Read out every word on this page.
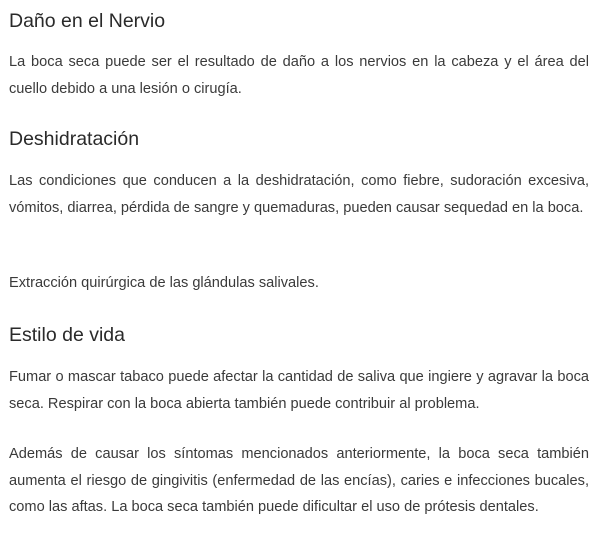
Daño en el Nervio

La boca seca puede ser el resultado de daño a los nervios en la cabeza y el área del cuello debido a una lesión o cirugía.

Deshidratación

Las condiciones que conducen a la deshidratación, como fiebre, sudoración excesiva, vómitos, diarrea, pérdida de sangre y quemaduras, pueden causar sequedad en la boca.

Extracción quirúrgica de las glándulas salivales.

Estilo de vida

Fumar o mascar tabaco puede afectar la cantidad de saliva que ingiere y agravar la boca seca. Respirar con la boca abierta también puede contribuir al problema.

Además de causar los síntomas mencionados anteriormente, la boca seca también aumenta el riesgo de gingivitis (enfermedad de las encías), caries e infecciones bucales, como las aftas. La boca seca también puede dificultar el uso de prótesis dentales.
